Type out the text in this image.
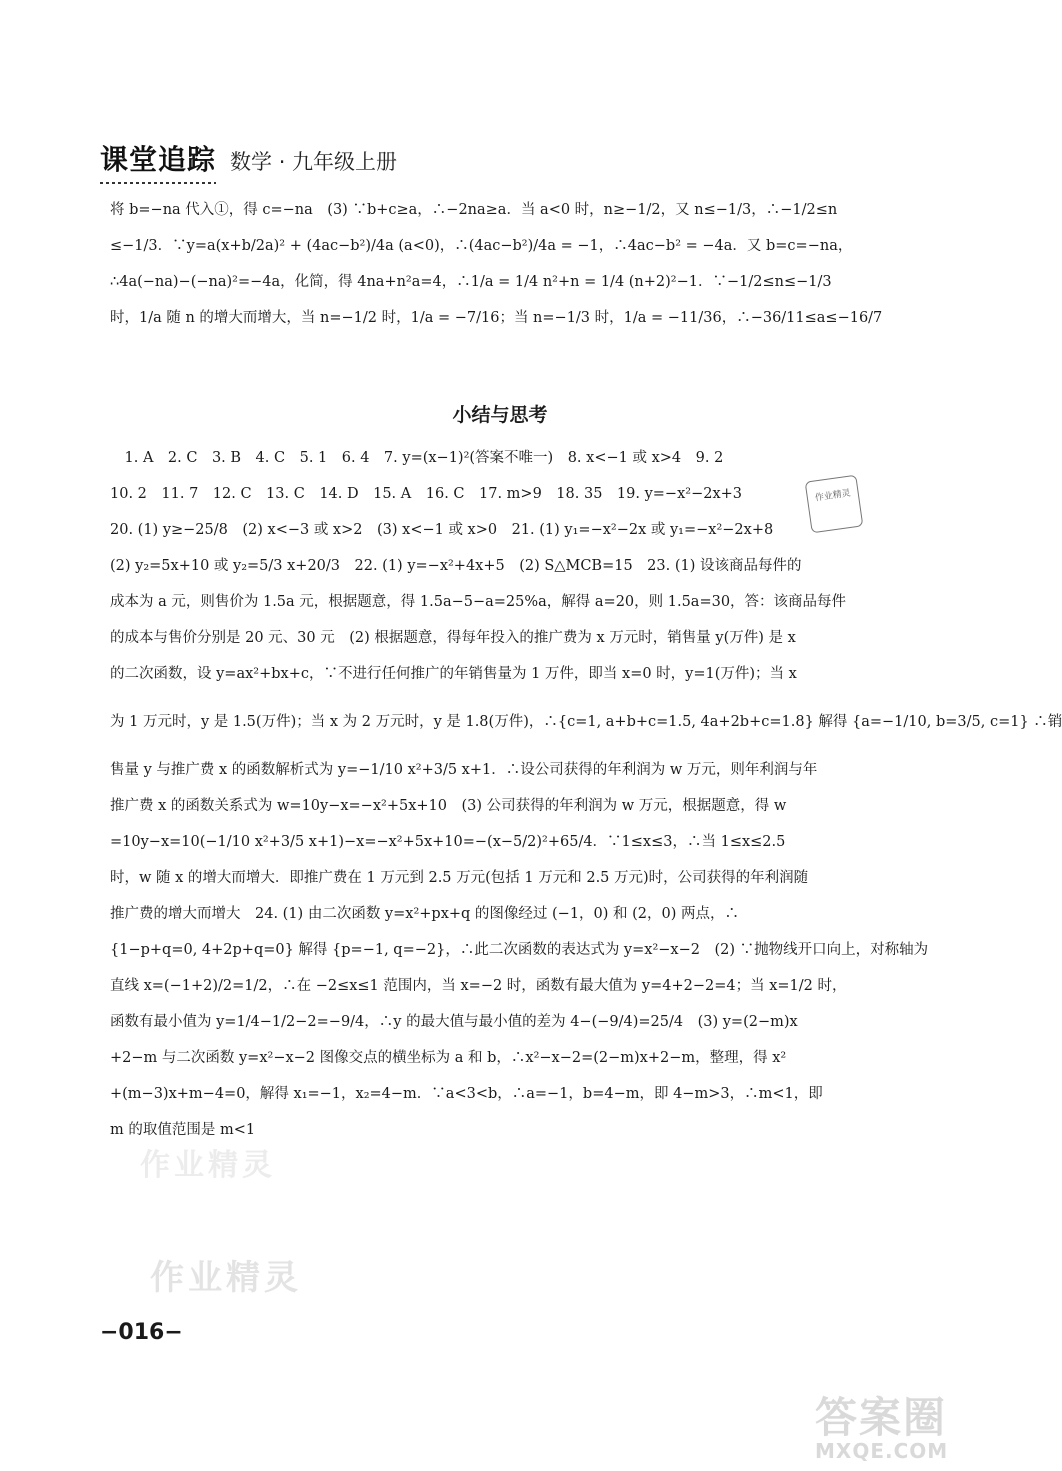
课堂追踪 数学 · 九年级上册
将 b=−na 代入①，得 c=−na　(3) ∵b+c≥a，∴−2na≥a．当 a<0 时，n≥−1/2，又 n≤−1/3，∴−1/2≤n
≤−1/3．∵y=a(x+b/2a)² + (4ac−b²)/4a (a<0)，∴(4ac−b²)/4a = −1，∴4ac−b² = −4a．又 b=c=−na，
∴4a(−na)−(−na)²=−4a，化简，得 4na+n²a=4，∴1/a = 1/4 n²+n = 1/4 (n+2)²−1．∵−1/2≤n≤−1/3
时，1/a 随 n 的增大而增大，当 n=−1/2 时，1/a = −7/16；当 n=−1/3 时，1/a = −11/36，∴−36/11≤a≤−16/7
小结与思考
　1. A　2. C　3. B　4. C　5. 1　6. 4　7. y=(x−1)²(答案不唯一)　8. x<−1 或 x>4　9. 2
10. 2　11. 7　12. C　13. C　14. D　15. A　16. C　17. m>9　18. 35　19. y=−x²−2x+3
20. (1) y≥−25/8　(2) x<−3 或 x>2　(3) x<−1 或 x>0　21. (1) y₁=−x²−2x 或 y₁=−x²−2x+8
(2) y₂=5x+10 或 y₂=5/3 x+20/3　22. (1) y=−x²+4x+5　(2) S△MCB=15　23. (1) 设该商品每件的
成本为 a 元，则售价为 1.5a 元，根据题意，得 1.5a−5−a=25%a，解得 a=20，则 1.5a=30，答：该商品每件
的成本与售价分别是 20 元、30 元　(2) 根据题意，得每年投入的推广费为 x 万元时，销售量 y(万件) 是 x
的二次函数，设 y=ax²+bx+c，∵不进行任何推广的年销售量为 1 万件，即当 x=0 时，y=1(万件)；当 x
为 1 万元时，y 是 1.5(万件)；当 x 为 2 万元时，y 是 1.8(万件)，∴{c=1, a+b+c=1.5, 4a+2b+c=1.8} 解得 {a=−1/10, b=3/5, c=1} ∴销
售量 y 与推广费 x 的函数解析式为 y=−1/10 x²+3/5 x+1．∴设公司获得的年利润为 w 万元，则年利润与年
推广费 x 的函数关系式为 w=10y−x=−x²+5x+10　(3) 公司获得的年利润为 w 万元，根据题意，得 w
=10y−x=10(−1/10 x²+3/5 x+1)−x=−x²+5x+10=−(x−5/2)²+65/4．∵1≤x≤3，∴当 1≤x≤2.5
时，w 随 x 的增大而增大．即推广费在 1 万元到 2.5 万元(包括 1 万元和 2.5 万元)时，公司获得的年利润随
推广费的增大而增大　24. (1) 由二次函数 y=x²+px+q 的图像经过 (−1，0) 和 (2，0) 两点，∴
{1−p+q=0, 4+2p+q=0} 解得 {p=−1, q=−2}，∴此二次函数的表达式为 y=x²−x−2　(2) ∵抛物线开口向上，对称轴为
直线 x=(−1+2)/2=1/2，∴在 −2≤x≤1 范围内，当 x=−2 时，函数有最大值为 y=4+2−2=4；当 x=1/2 时，
函数有最小值为 y=1/4−1/2−2=−9/4，∴y 的最大值与最小值的差为 4−(−9/4)=25/4　(3) y=(2−m)x
+2−m 与二次函数 y=x²−x−2 图像交点的横坐标为 a 和 b，∴x²−x−2=(2−m)x+2−m，整理，得 x²
+(m−3)x+m−4=0，解得 x₁=−1，x₂=4−m．∵a<3<b，∴a=−1，b=4−m，即 4−m>3，∴m<1，即
m 的取值范围是 m<1
作业精灵
作业精灵
作业精灵
−016−
答案圈
MXQE.COM
